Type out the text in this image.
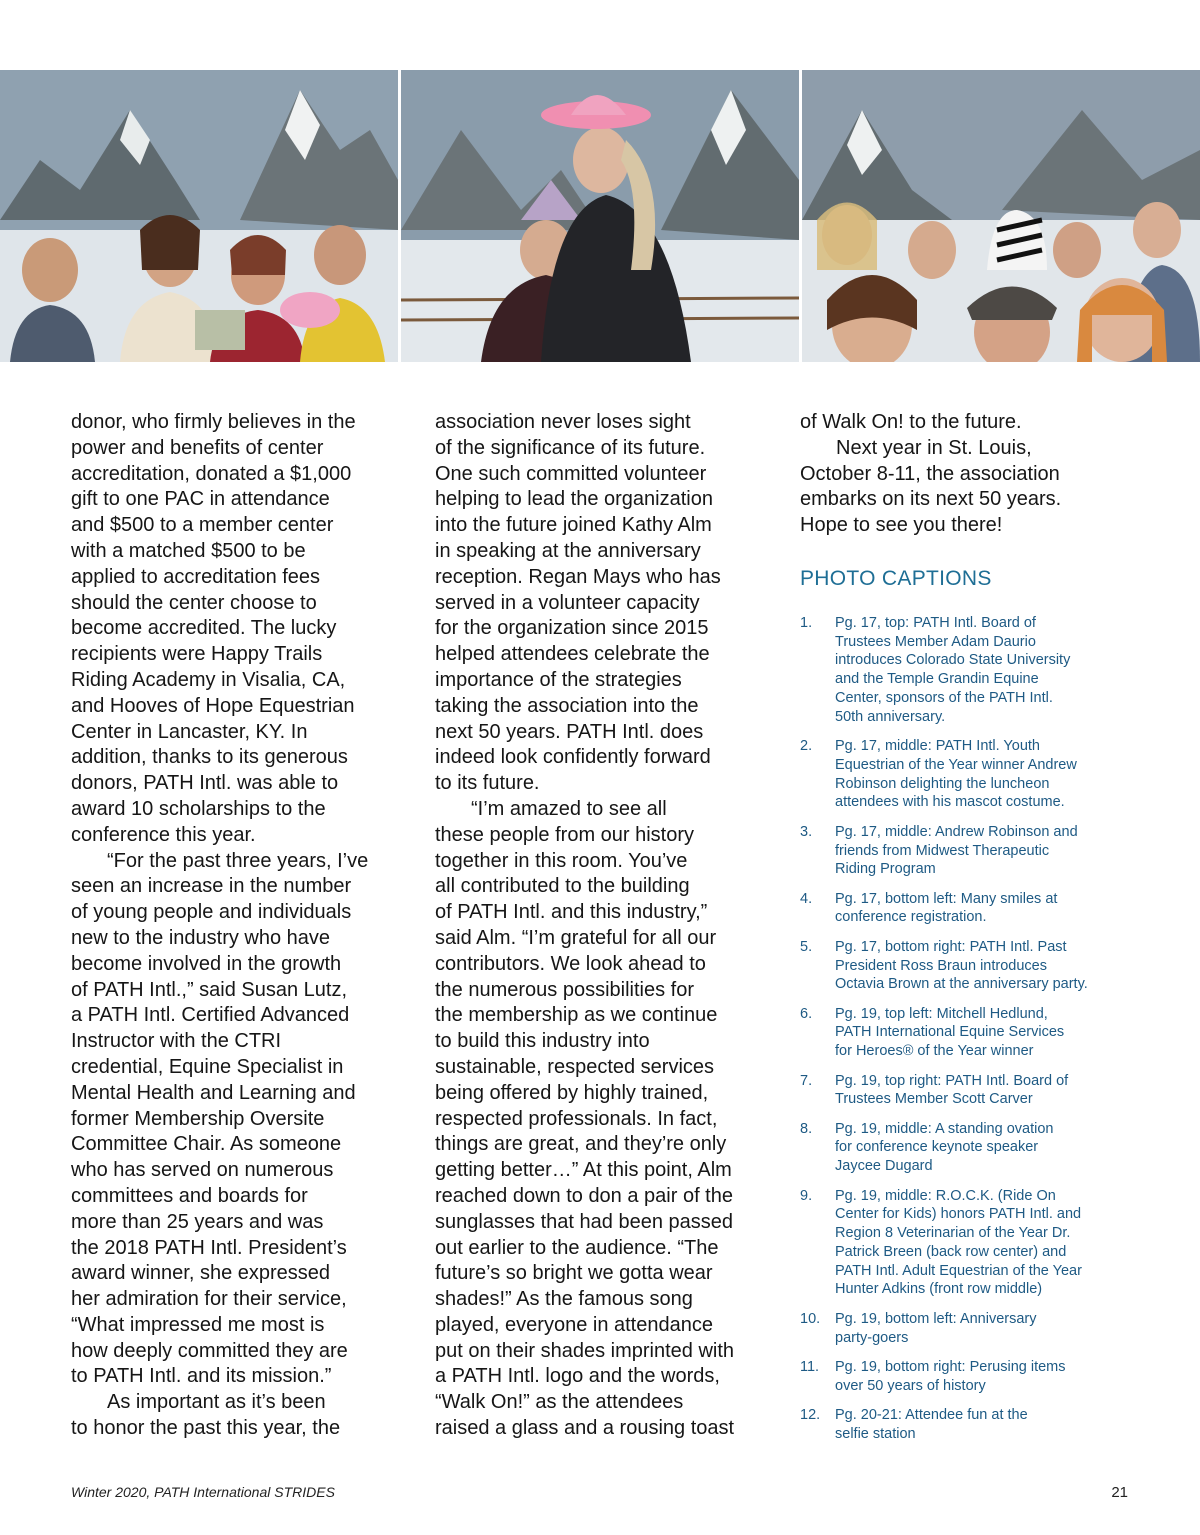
donor, who firmly believes in the
power and benefits of center
accreditation, donated a $1,000
gift to one PAC in attendance
and $500 to a member center
with a matched $500 to be
applied to accreditation fees
should the center choose to
become accredited. The lucky
recipients were Happy Trails
Riding Academy in Visalia, CA,
and Hooves of Hope Equestrian
Center in Lancaster, KY. In
addition, thanks to its generous
donors, PATH Intl. was able to
award 10 scholarships to the
conference this year.

“For the past three years, I’ve
seen an increase in the number
of young people and individuals
new to the industry who have
become involved in the growth
of PATH Intl.,” said Susan Lutz,
a PATH Intl. Certified Advanced
Instructor with the CTRI
credential, Equine Specialist in
Mental Health and Learning and
former Membership Oversite
Committee Chair. As someone
who has served on numerous
committees and boards for
more than 25 years and was
the 2018 PATH Intl. President’s
award winner, she expressed
her admiration for their service,
“What impressed me most is
how deeply committed they are
to PATH Intl. and its mission.”

As important as it’s been
to honor the past this year, the

association never loses sight
of the significance of its future.
One such committed volunteer
helping to lead the organization
into the future joined Kathy Alm
in speaking at the anniversary
reception. Regan Mays who has
served in a volunteer capacity
for the organization since 2015
helped attendees celebrate the
importance of the strategies
taking the association into the
next 50 years. PATH Intl. does
indeed look confidently forward
to its future.

“I’m amazed to see all
these people from our history
together in this room. You’ve
all contributed to the building
of PATH Intl. and this industry,”
said Alm. “I’m grateful for all our
contributors. We look ahead to
the numerous possibilities for
the membership as we continue
to build this industry into
sustainable, respected services
being offered by highly trained,
respected professionals. In fact,
things are great, and they’re only
getting better…” At this point, Alm
reached down to don a pair of the
sunglasses that had been passed
out earlier to the audience. “The
future’s so bright we gotta wear
shades!” As the famous song
played, everyone in attendance
put on their shades imprinted with
a PATH Intl. logo and the words,
“Walk On!” as the attendees
raised a glass and a rousing toast

of Walk On! to the future.

Next year in St. Louis,
October 8-11, the association
embarks on its next 50 years.
Hope to see you there!

PHOTO CAPTIONS
1.	Pg. 17, top: PATH Intl. Board of
Trustees Member Adam Daurio
introduces Colorado State University
and the Temple Grandin Equine
Center, sponsors of the PATH Intl.
50th anniversary.
2.	Pg. 17, middle: PATH Intl. Youth
Equestrian of the Year winner Andrew
Robinson delighting the luncheon
attendees with his mascot costume.
3.	Pg. 17, middle: Andrew Robinson and
friends from Midwest Therapeutic
Riding Program
4.	Pg. 17, bottom left: Many smiles at
conference registration.
5.	Pg. 17, bottom right: PATH Intl. Past
President Ross Braun introduces
Octavia Brown at the anniversary party.
6.	Pg. 19, top left: Mitchell Hedlund,
PATH International Equine Services
for Heroes® of the Year winner
7.	Pg. 19, top right: PATH Intl. Board of
Trustees Member Scott Carver
8.	Pg. 19, middle: A standing ovation
for conference keynote speaker
Jaycee Dugard
9.	Pg. 19, middle: R.O.C.K. (Ride On
Center for Kids) honors PATH Intl. and
Region 8 Veterinarian of the Year Dr.
Patrick Breen (back row center) and
PATH Intl. Adult Equestrian of the Year
Hunter Adkins (front row middle)
10.	Pg. 19, bottom left: Anniversary
party-goers
11.	Pg. 19, bottom right: Perusing items
over 50 years of history
12.	Pg. 20-21: Attendee fun at the
selfie station
Winter 2020, PATH International STRIDES	21
